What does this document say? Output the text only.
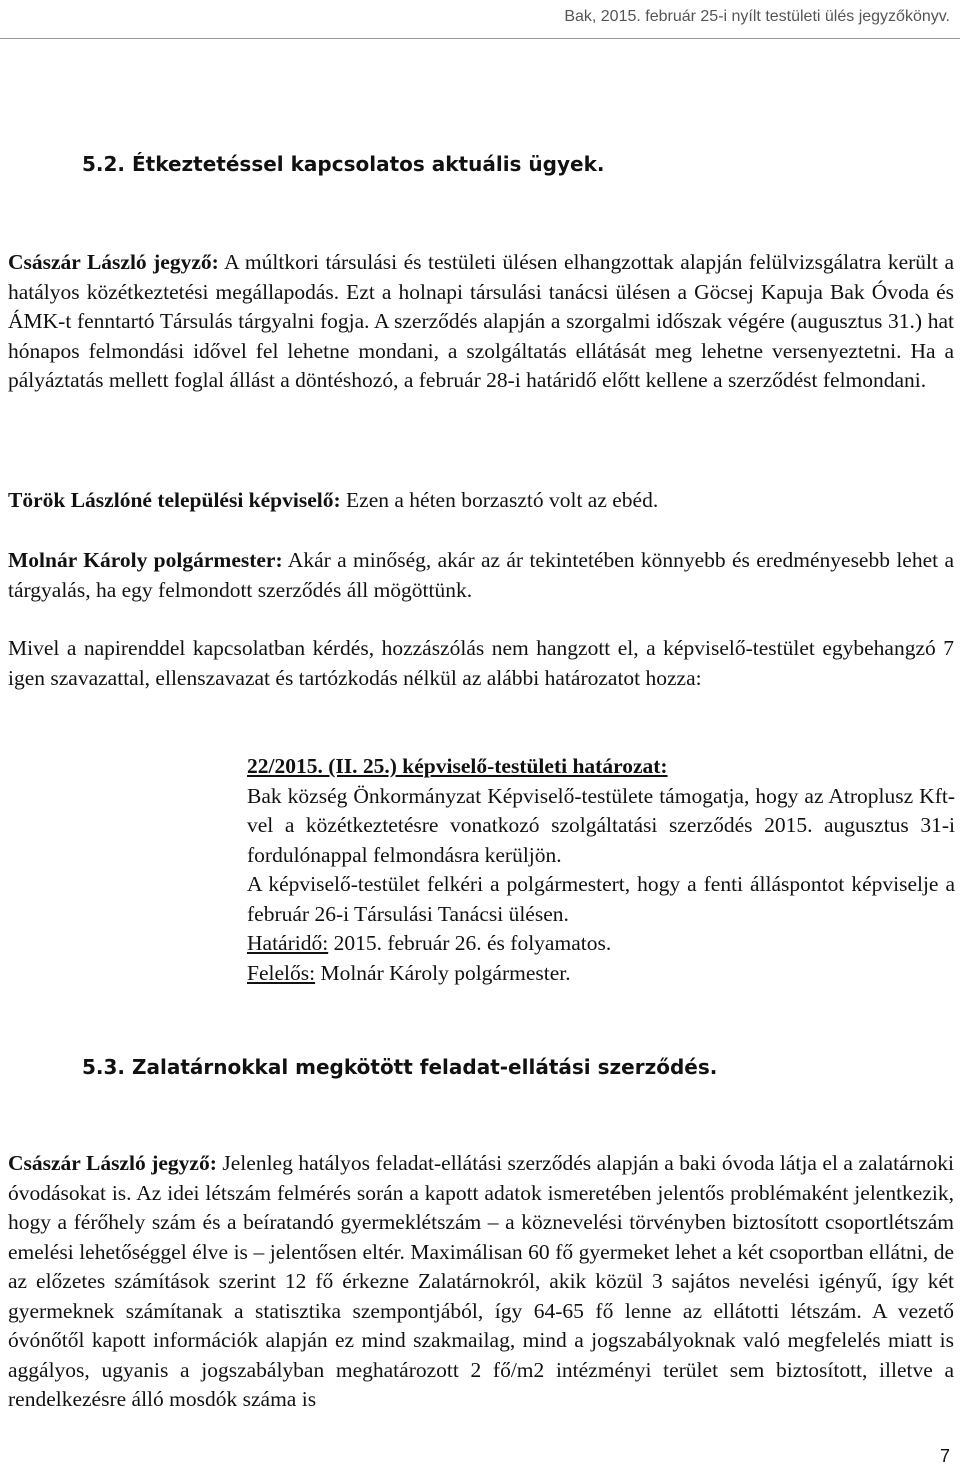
Bak, 2015. február 25-i nyílt testületi ülés jegyzőkönyv.
5.2. Étkeztetéssel kapcsolatos aktuális ügyek.

Császár László jegyző: A múltkori társulási és testületi ülésen elhangzottak alapján felülvizsgálatra került a hatályos közétkeztetési megállapodás. Ezt a holnapi társulási tanácsi ülésen a Göcsej Kapuja Bak Óvoda és ÁMK-t fenntartó Társulás tárgyalni fogja. A szerződés alapján a szorgalmi időszak végére (augusztus 31.) hat hónapos felmondási idővel fel lehetne mondani, a szolgáltatás ellátását meg lehetne versenyeztetni. Ha a pályáztatás mellett foglal állást a döntéshozó, a február 28-i határidő előtt kellene a szerződést felmondani.

Török Lászlóné települési képviselő: Ezen a héten borzasztó volt az ebéd.

Molnár Károly polgármester: Akár a minőség, akár az ár tekintetében könnyebb és eredményesebb lehet a tárgyalás, ha egy felmondott szerződés áll mögöttünk.

Mivel a napirenddel kapcsolatban kérdés, hozzászólás nem hangzott el, a képviselő-testület egybehangzó 7 igen szavazattal, ellenszavazat és tartózkodás nélkül az alábbi határozatot hozza:

22/2015. (II. 25.) képviselő-testületi határozat:
Bak község Önkormányzat Képviselő-testülete támogatja, hogy az Atroplusz Kft-vel a közétkeztetésre vonatkozó szolgáltatási szerződés 2015. augusztus 31-i fordulónappal felmondásra kerüljön.
A képviselő-testület felkéri a polgármestert, hogy a fenti álláspontot képviselje a február 26-i Társulási Tanácsi ülésen.
Határidő: 2015. február 26. és folyamatos.
Felelős: Molnár Károly polgármester.
5.3. Zalatárnokkal megkötött feladat-ellátási szerződés.

Császár László jegyző: Jelenleg hatályos feladat-ellátási szerződés alapján a baki óvoda látja el a zalatárnoki óvodásokat is. Az idei létszám felmérés során a kapott adatok ismeretében jelentős problémaként jelentkezik, hogy a férőhely szám és a beíratandó gyermeklétszám – a köznevelési törvényben biztosított csoportlétszám emelési lehetőséggel élve is – jelentősen eltér. Maximálisan 60 fő gyermeket lehet a két csoportban ellátni, de az előzetes számítások szerint 12 fő érkezne Zalatárnokról, akik közül 3 sajátos nevelési igényű, így két gyermeknek számítanak a statisztika szempontjából, így 64-65 fő lenne az ellátotti létszám. A vezető óvónőtől kapott információk alapján ez mind szakmailag, mind a jogszabályoknak való megfelelés miatt is aggályos, ugyanis a jogszabályban meghatározott 2 fő/m2 intézményi terület sem biztosított, illetve a rendelkezésre álló mosdók száma is

7
